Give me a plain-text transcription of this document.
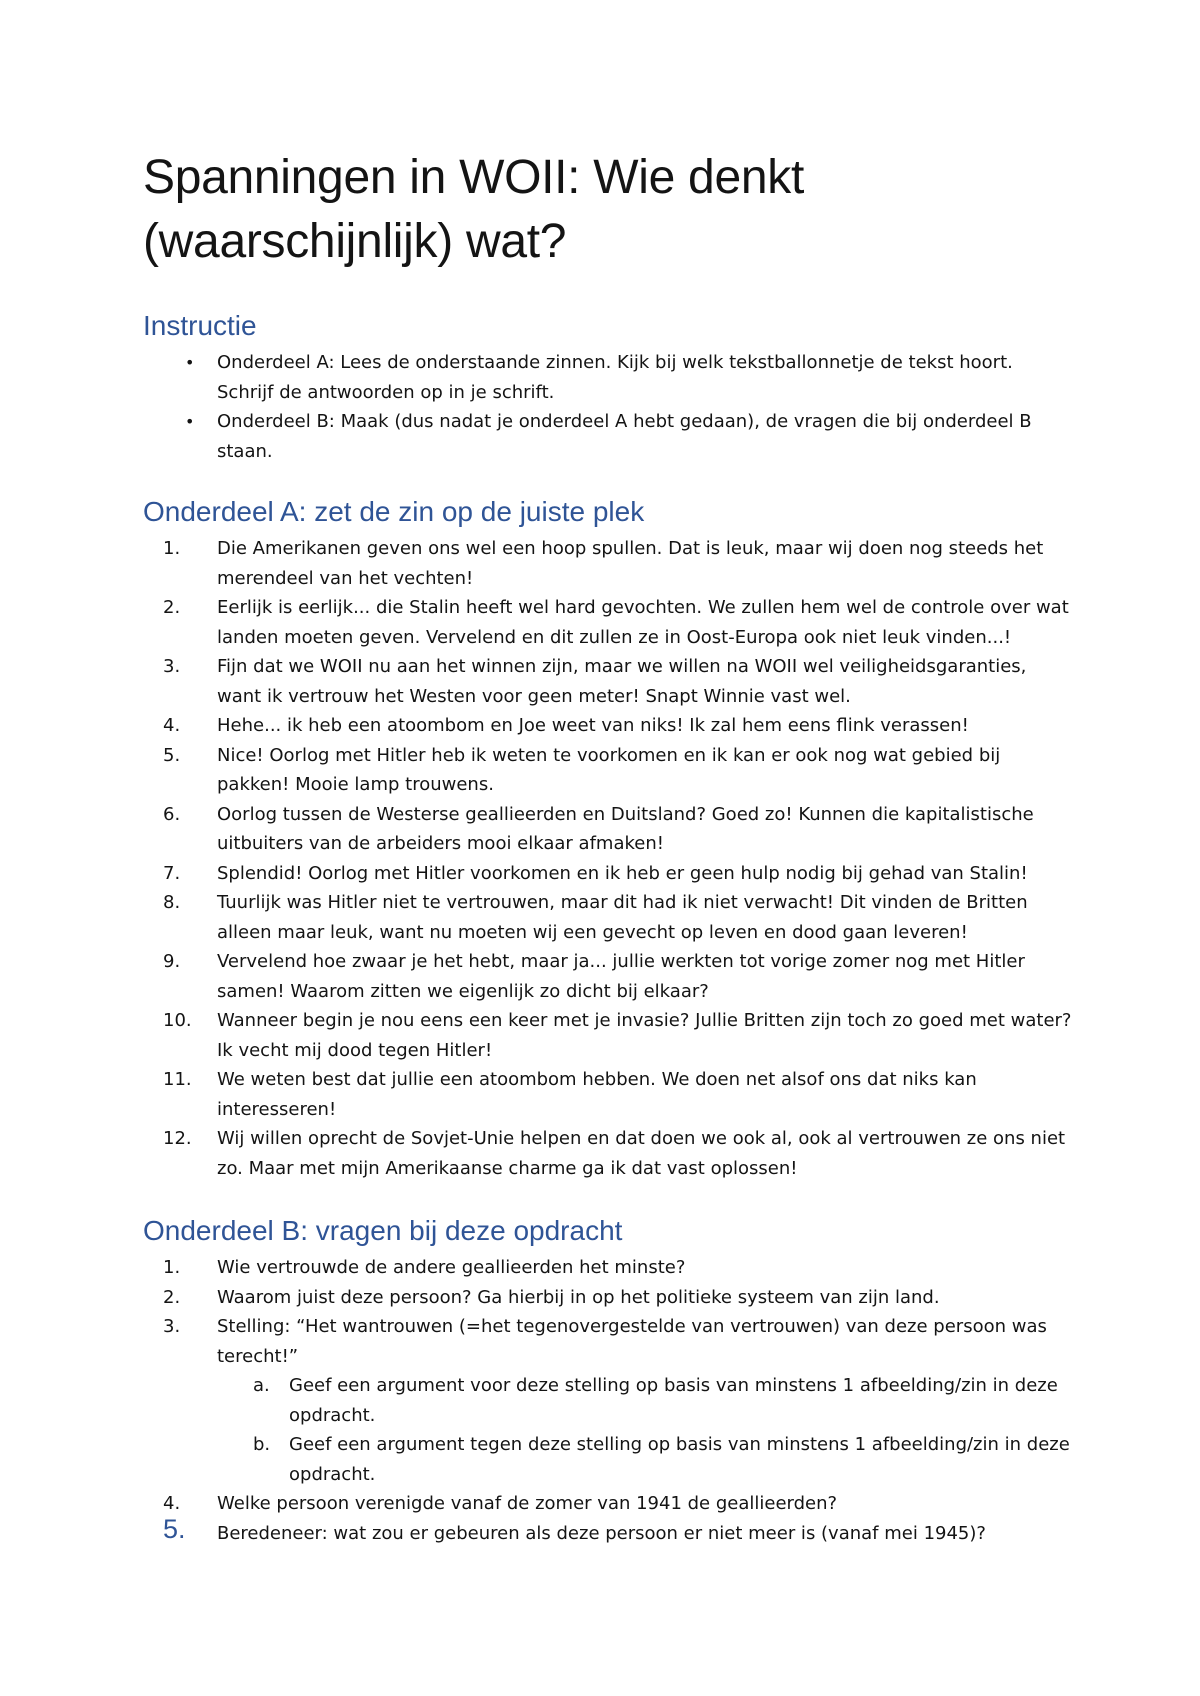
Spanningen in WOII: Wie denkt (waarschijnlijk) wat?
Instructie
• Onderdeel A: Lees de onderstaande zinnen. Kijk bij welk tekstballonnetje de tekst hoort. Schrijf de antwoorden op in je schrift.
• Onderdeel B: Maak (dus nadat je onderdeel A hebt gedaan), de vragen die bij onderdeel B staan.
Onderdeel A: zet de zin op de juiste plek
1.	Die Amerikanen geven ons wel een hoop spullen. Dat is leuk, maar wij doen nog steeds het merendeel van het vechten!
2.	Eerlijk is eerlijk... die Stalin heeft wel hard gevochten. We zullen hem wel de controle over wat landen moeten geven. Vervelend en dit zullen ze in Oost-Europa ook niet leuk vinden...!
3.	Fijn dat we WOII nu aan het winnen zijn, maar we willen na WOII wel veiligheidsgaranties, want ik vertrouw het Westen voor geen meter! Snapt Winnie vast wel.
4.	Hehe... ik heb een atoombom en Joe weet van niks! Ik zal hem eens flink verassen!
5.	Nice! Oorlog met Hitler heb ik weten te voorkomen en ik kan er ook nog wat gebied bij pakken! Mooie lamp trouwens.
6.	Oorlog tussen de Westerse geallieerden en Duitsland? Goed zo! Kunnen die kapitalistische uitbuiters van de arbeiders mooi elkaar afmaken!
7.	Splendid! Oorlog met Hitler voorkomen en ik heb er geen hulp nodig bij gehad van Stalin!
8.	Tuurlijk was Hitler niet te vertrouwen, maar dit had ik niet verwacht! Dit vinden de Britten alleen maar leuk, want nu moeten wij een gevecht op leven en dood gaan leveren!
9.	Vervelend hoe zwaar je het hebt, maar ja... jullie werkten tot vorige zomer nog met Hitler samen! Waarom zitten we eigenlijk zo dicht bij elkaar?
10. Wanneer begin je nou eens een keer met je invasie? Jullie Britten zijn toch zo goed met water? Ik vecht mij dood tegen Hitler!
11. We weten best dat jullie een atoombom hebben. We doen net alsof ons dat niks kan interesseren!
12. Wij willen oprecht de Sovjet-Unie helpen en dat doen we ook al, ook al vertrouwen ze ons niet zo. Maar met mijn Amerikaanse charme ga ik dat vast oplossen!
Onderdeel B: vragen bij deze opdracht
1.	Wie vertrouwde de andere geallieerden het minste?
2.	Waarom juist deze persoon? Ga hierbij in op het politieke systeem van zijn land.
3.	Stelling: “Het wantrouwen (=het tegenovergestelde van vertrouwen) van deze persoon was terecht!”
a.	Geef een argument voor deze stelling op basis van minstens 1 afbeelding/zin in deze opdracht.
b.	Geef een argument tegen deze stelling op basis van minstens 1 afbeelding/zin in deze opdracht.
4.	Welke persoon verenigde vanaf de zomer van 1941 de geallieerden?
5.	Beredeneer: wat zou er gebeuren als deze persoon er niet meer is (vanaf mei 1945)?
